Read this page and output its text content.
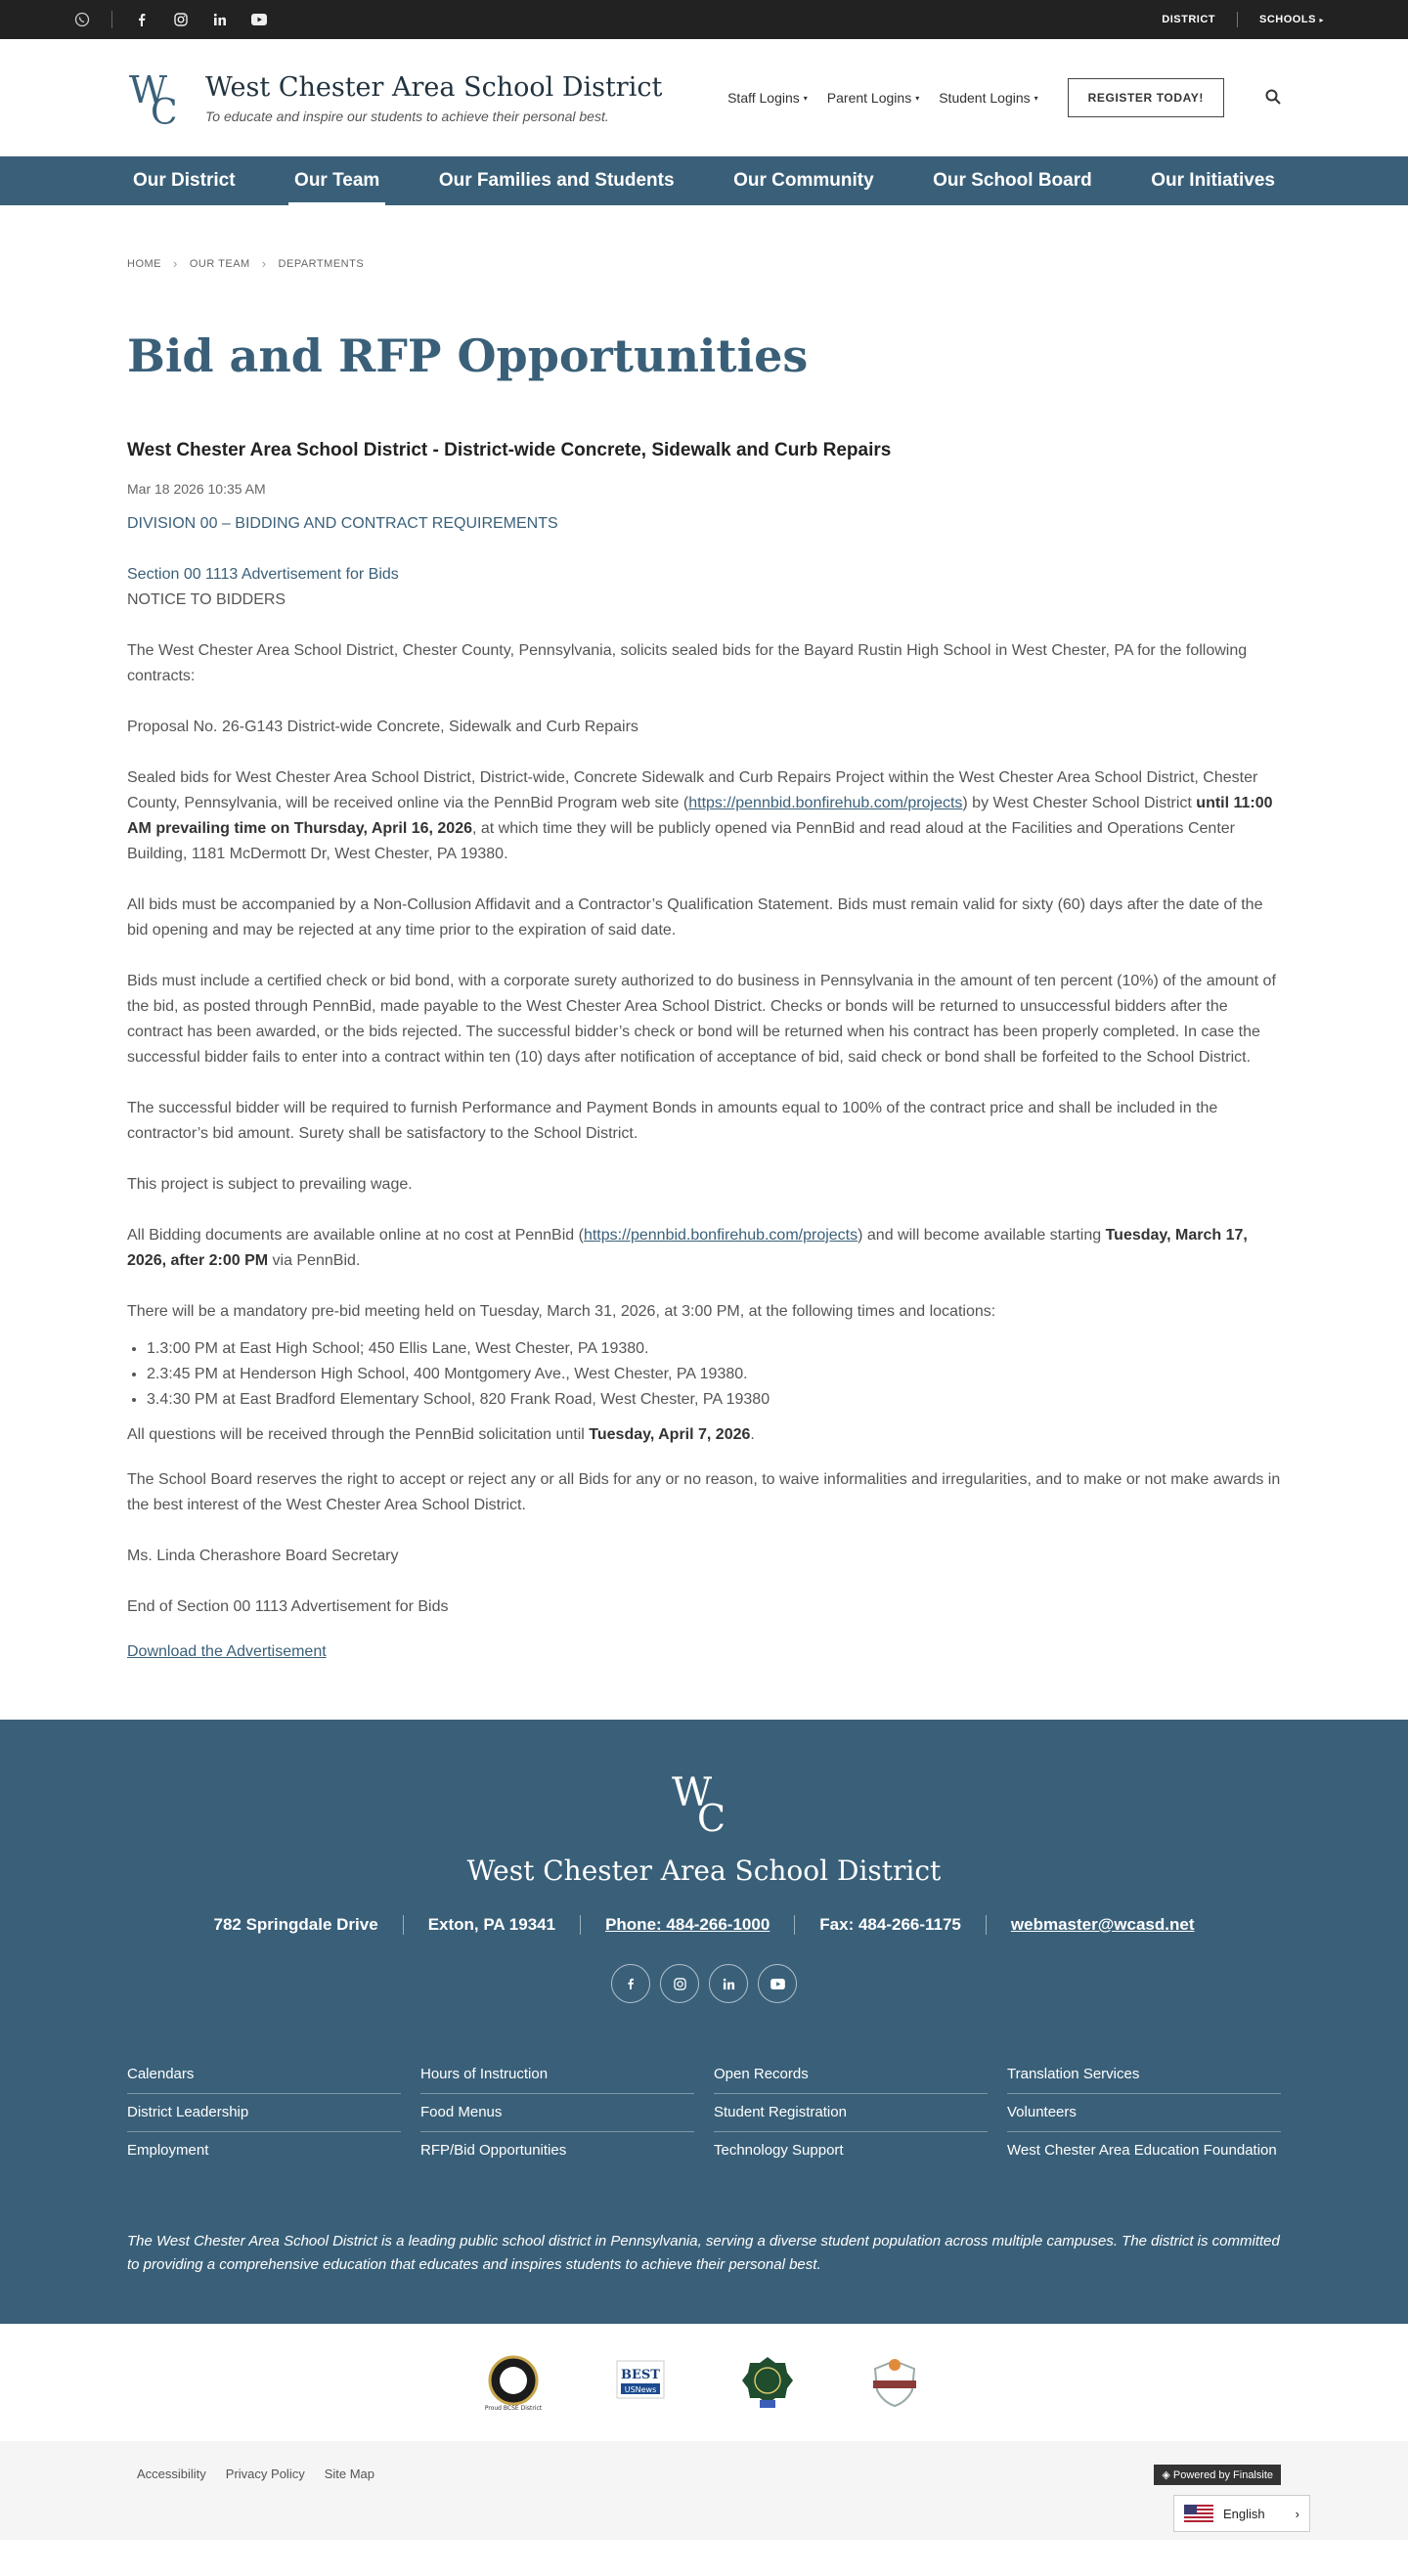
DISTRICT	SCHOOLS ▸
W
C
West Chester Area School District
To educate and inspire our students to achieve their personal best.
Staff Logins ▾ Parent Logins ▾ Student Logins ▾	REGISTER TODAY!
Our District	Our Team	Our Families and Students	Our Community	Our School Board	Our Initiatives
HOME › OUR TEAM › DEPARTMENTS
Bid and RFP Opportunities
West Chester Area School District - District-wide Concrete, Sidewalk and Curb Repairs
Mar 18 2026 10:35 AM
DIVISION 00 – BIDDING AND CONTRACT REQUIREMENTS

Section 00 1113 Advertisement for Bids

NOTICE TO BIDDERS

The West Chester Area School District, Chester County, Pennsylvania, solicits sealed bids for the Bayard Rustin High School in West Chester, PA for the following contracts:

Proposal No. 26-G143 District-wide Concrete, Sidewalk and Curb Repairs

Sealed bids for West Chester Area School District, District-wide, Concrete Sidewalk and Curb Repairs Project within the West Chester Area School District, Chester County, Pennsylvania, will be received online via the PennBid Program web site (https://pennbid.bonfirehub.com/projects) by West Chester School District until 11:00 AM prevailing time on Thursday, April 16, 2026, at which time they will be publicly opened via PennBid and read aloud at the Facilities and Operations Center Building, 1181 McDermott Dr, West Chester, PA 19380.

All bids must be accompanied by a Non-Collusion Affidavit and a Contractor’s Qualification Statement. Bids must remain valid for sixty (60) days after the date of the bid opening and may be rejected at any time prior to the expiration of said date.

Bids must include a certified check or bid bond, with a corporate surety authorized to do business in Pennsylvania in the amount of ten percent (10%) of the amount of the bid, as posted through PennBid, made payable to the West Chester Area School District. Checks or bonds will be returned to unsuccessful bidders after the contract has been awarded, or the bids rejected. The successful bidder’s check or bond will be returned when his contract has been properly completed. In case the successful bidder fails to enter into a contract within ten (10) days after notification of acceptance of bid, said check or bond shall be forfeited to the School District.

The successful bidder will be required to furnish Performance and Payment Bonds in amounts equal to 100% of the contract price and shall be included in the contractor’s bid amount. Surety shall be satisfactory to the School District.

This project is subject to prevailing wage.

All Bidding documents are available online at no cost at PennBid (https://pennbid.bonfirehub.com/projects) and will become available starting Tuesday, March 17, 2026, after 2:00 PM via PennBid.

There will be a mandatory pre-bid meeting held on Tuesday, March 31, 2026, at 3:00 PM, at the following times and locations:

• 1.3:00 PM at East High School; 450 Ellis Lane, West Chester, PA 19380.
• 2.3:45 PM at Henderson High School, 400 Montgomery Ave., West Chester, PA 19380.
• 3.4:30 PM at East Bradford Elementary School, 820 Frank Road, West Chester, PA 19380

All questions will be received through the PennBid solicitation until Tuesday, April 7, 2026.

The School Board reserves the right to accept or reject any or all Bids for any or no reason, to waive informalities and irregularities, and to make or not make awards in the best interest of the West Chester Area School District.

Ms. Linda Cherashore Board Secretary

End of Section 00 1113 Advertisement for Bids

Download the Advertisement

W
C
West Chester Area School District
782 Springdale Drive	Exton, PA 19341	Phone: 484-266-1000	Fax: 484-266-1175	webmaster@wcasd.net
Calendars
District Leadership
Employment
Hours of Instruction
Food Menus
RFP/Bid Opportunities
Open Records
Student Registration
Technology Support
Translation Services
Volunteers
West Chester Area Education Foundation
The West Chester Area School District is a leading public school district in Pennsylvania, serving a diverse student population across multiple campuses. The district is committed to providing a comprehensive education that educates and inspires students to achieve their personal best.
Proud BCSE District
BEST
USNews
Accessibility Privacy Policy Site Map	◈ Powered by Finalsite
English ›
